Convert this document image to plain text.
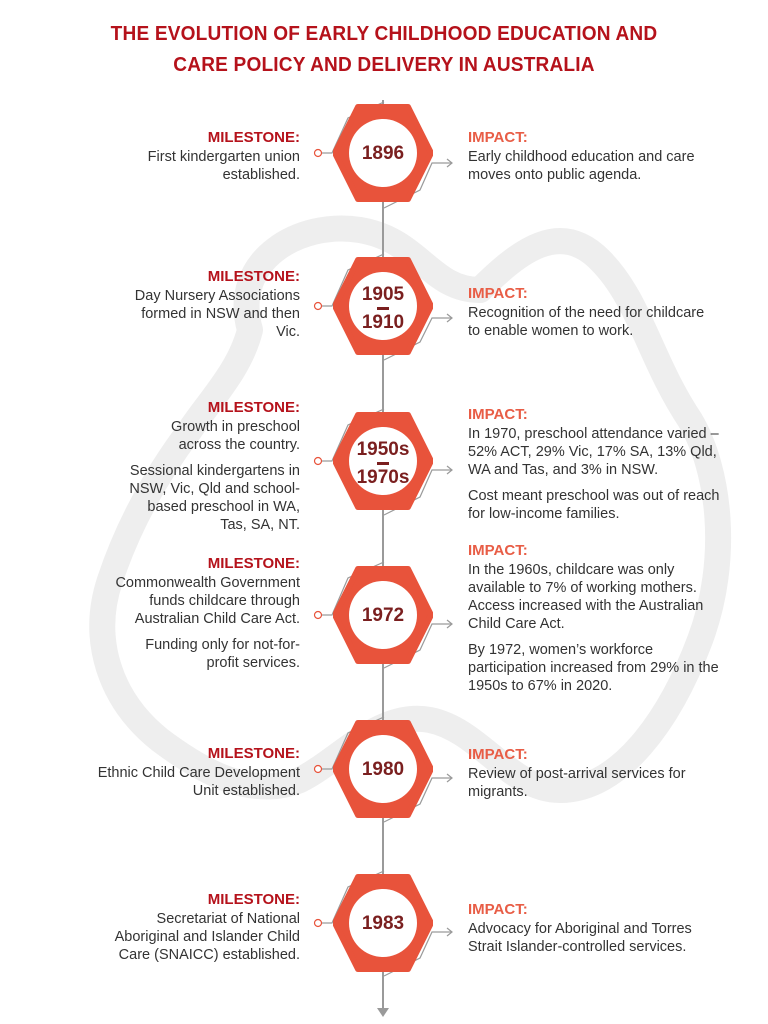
THE EVOLUTION OF EARLY CHILDHOOD EDUCATION AND
CARE POLICY AND DELIVERY IN AUSTRALIA
1896
1905
1910
1950s
1970s
1972
1980
1983
MILESTONE:
First kindergarten union established.
MILESTONE:
Day Nursery Associations formed in NSW and then Vic.
MILESTONE:
Growth in preschool across the country.
Sessional kindergartens in NSW, Vic, Qld and school-based preschool in WA, Tas, SA, NT.
MILESTONE:
Commonwealth Government funds childcare through Australian Child Care Act.
Funding only for not-for-profit services.
MILESTONE:
Ethnic Child Care Development Unit established.
MILESTONE:
Secretariat of National Aboriginal and Islander Child Care (SNAICC) established.
IMPACT:
Early childhood education and care moves onto public agenda.
IMPACT:
Recognition of the need for childcare to enable women to work.
IMPACT:
In 1970, preschool attendance varied – 52% ACT, 29% Vic, 17% SA, 13% Qld, WA and Tas, and 3% in NSW.
Cost meant preschool was out of reach for low-income families.
IMPACT:
In the 1960s, childcare was only available to 7% of working mothers. Access increased with the Australian Child Care Act.
By 1972, women’s workforce participation increased from 29% in the 1950s to 67% in 2020.
IMPACT:
Review of post-arrival services for migrants.
IMPACT:
Advocacy for Aboriginal and Torres Strait Islander-controlled services.
